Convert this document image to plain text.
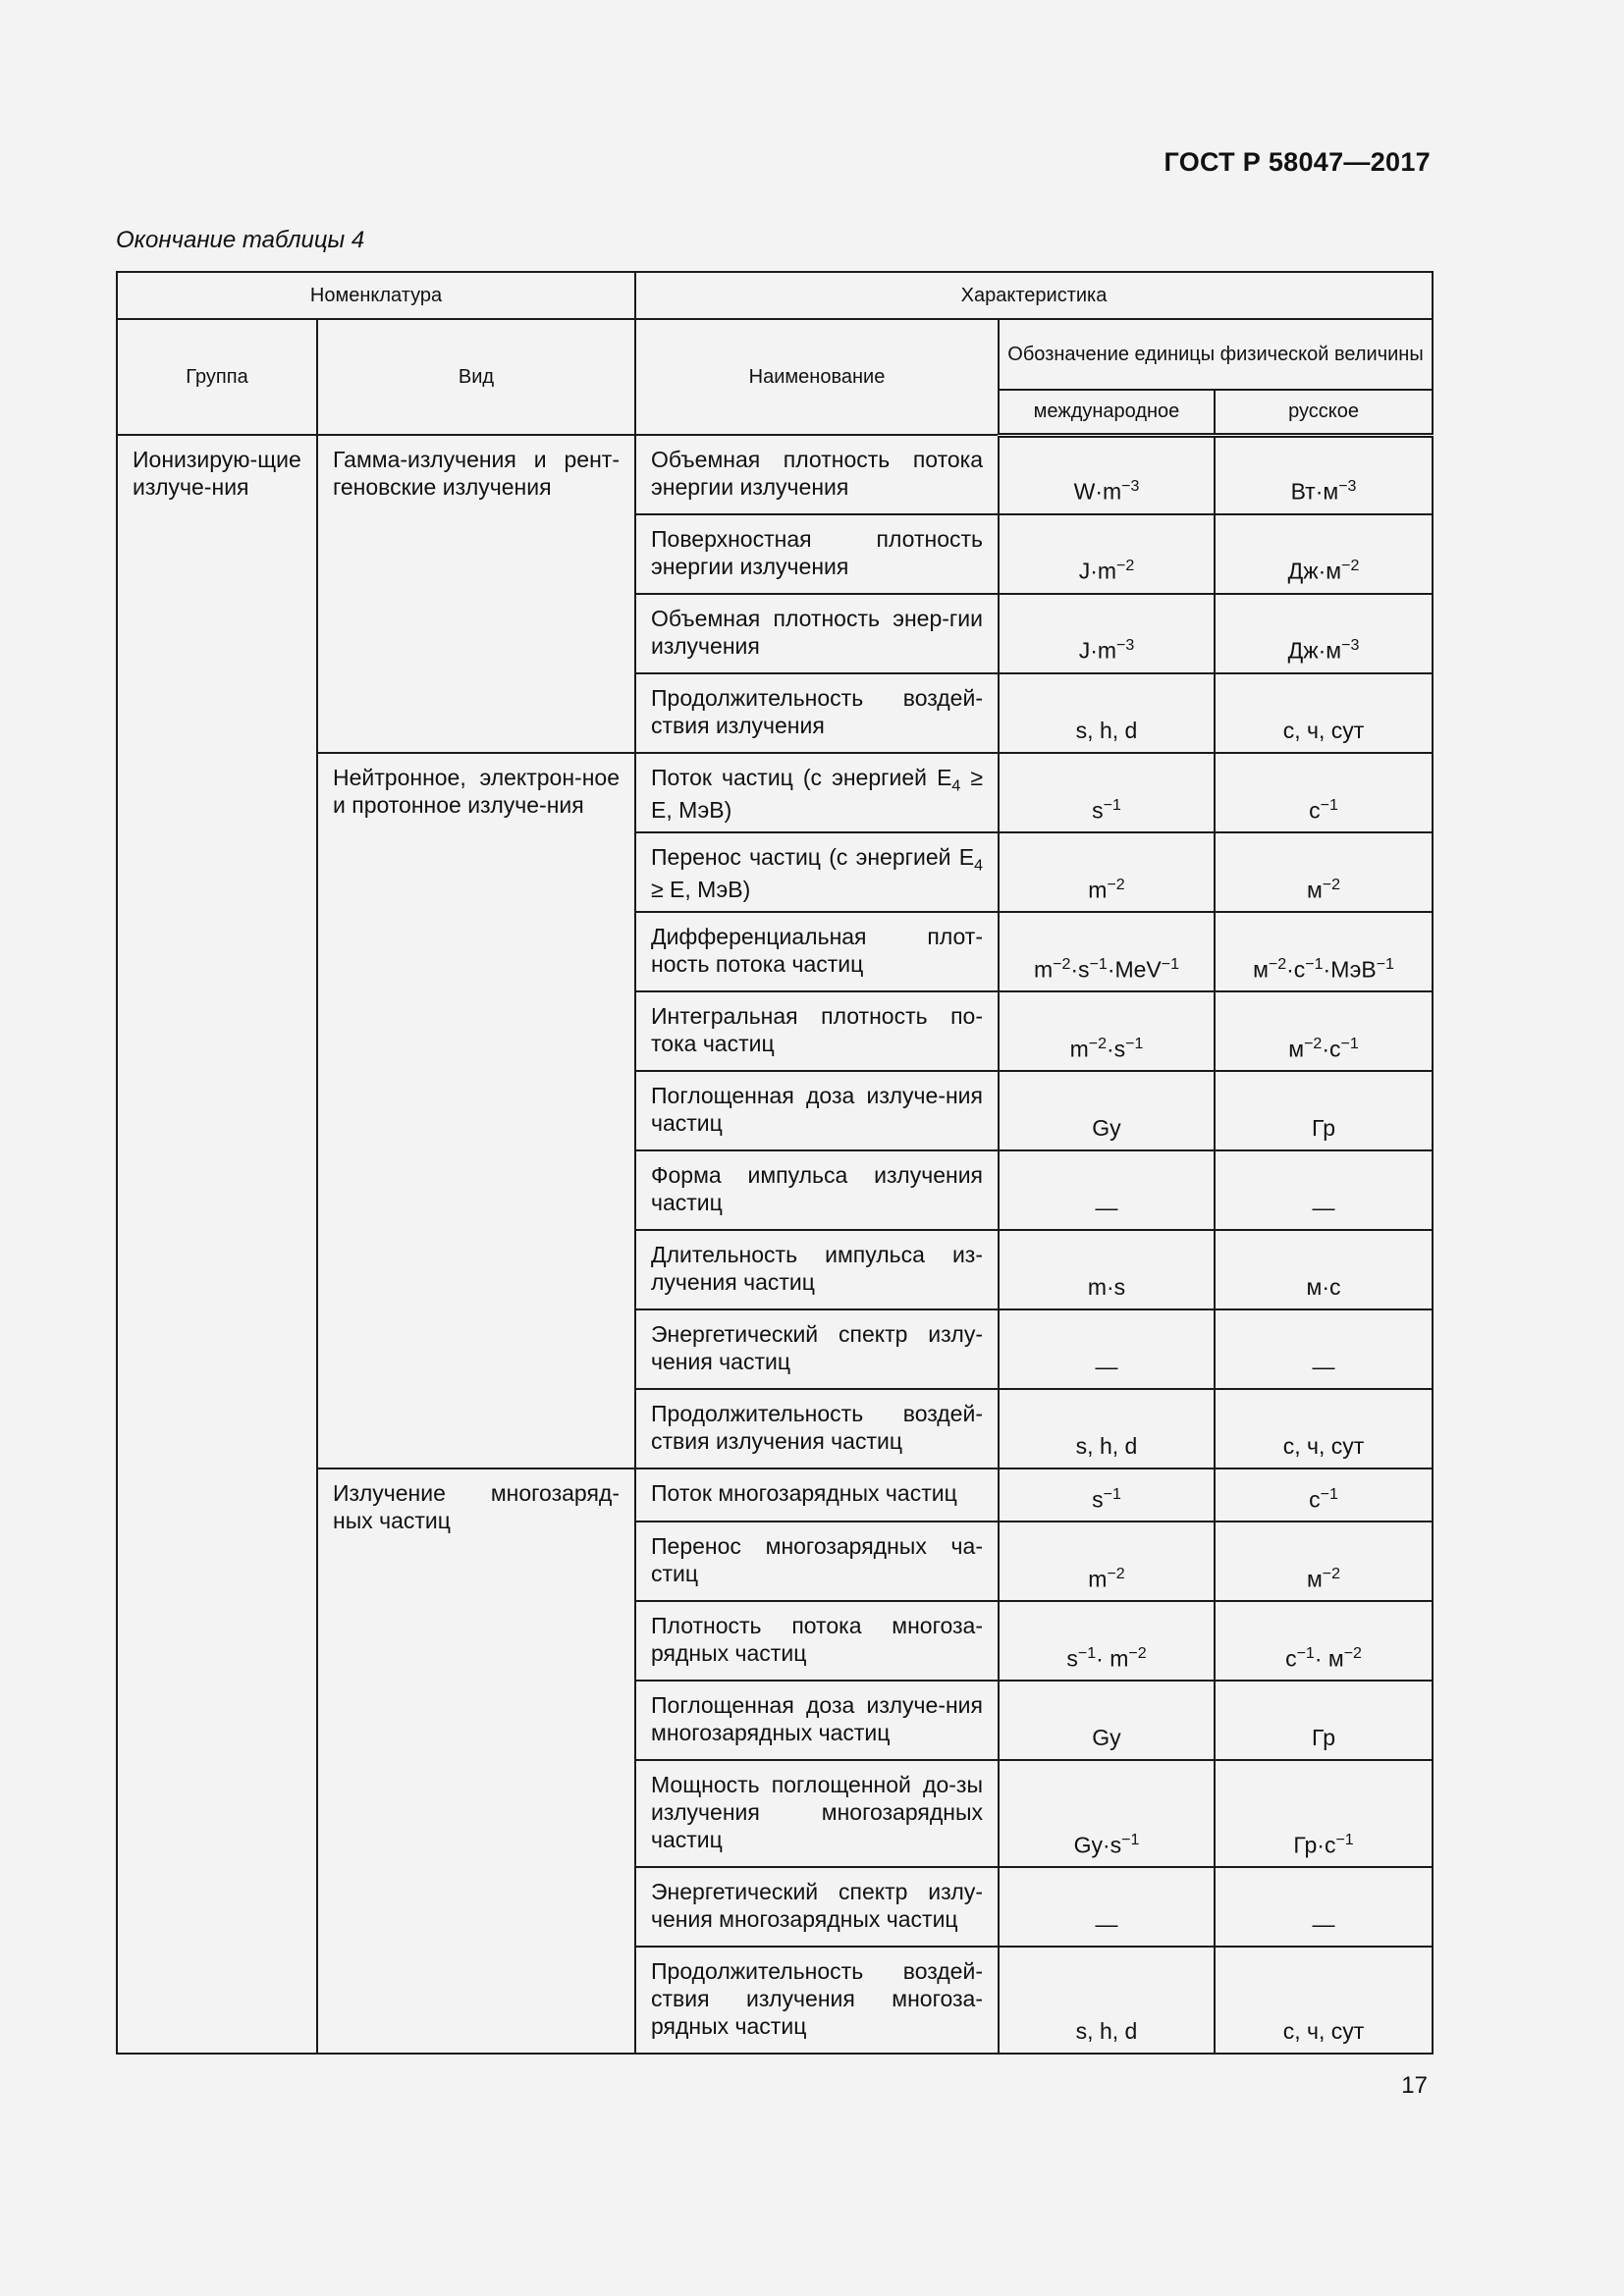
ГОСТ Р 58047—2017
Окончание таблицы 4
Номенклатура		Характеристика		
Группа	Вид	Наименование	Обозначение единицы физической величины	
			международное	русское
Ионизирую-щие излуче-ния	Гамма-излучения и рент-геновские излучения	Объемная плотность потока энергии излучения	$W\cdot m^{-3}$	$Вт\cdot м^{-3}$
		Поверхностная плотность энергии излучения	$J\cdot m^{-2}$	$Дж\cdot м^{-2}$
		Объемная плотность энер-гии излучения	$J\cdot m^{-3}$	$Дж\cdot м^{-3}$
		Продолжительность воздей-ствия излучения	s, h, d	с, ч, сут
	Нейтронное, электрон-ное и протонное излуче-ния	Поток частиц (с энергией $E_4 \ge E$, МэВ)	$s^{-1}$	$с^{-1}$
		Перенос частиц (с энергией $E_4 \ge E$, МэВ)	$m^{-2}$	$м^{-2}$
		Дифференциальная плот-ность потока частиц	$m^{-2}\cdot s^{-1}\cdot MeV^{-1}$	$м^{-2}\cdot с^{-1}\cdot МэВ^{-1}$
		Интегральная плотность по-тока частиц	$m^{-2}\cdot s^{-1}$	$м^{-2}\cdot с^{-1}$
		Поглощенная доза излуче-ния частиц	Gy	Гр
		Форма импульса излучения частиц	—	—
		Длительность импульса из-лучения частиц	m·s	м·с
		Энергетический спектр излу-чения частиц	—	—
		Продолжительность воздей-ствия излучения частиц	s, h, d	с, ч, сут
	Излучение многозаряд-ных частиц	Поток многозарядных частиц	$s^{-1}$	$с^{-1}$
		Перенос многозарядных ча-стиц	$m^{-2}$	$м^{-2}$
		Плотность потока многоза-рядных частиц	$s^{-1}\cdot m^{-2}$	$с^{-1}\cdot м^{-2}$
		Поглощенная доза излуче-ния многозарядных частиц	Gy	Гр
		Мощность поглощенной до-зы излучения многозарядных частиц	$Gy\cdot s^{-1}$	$Гр\cdot с^{-1}$
		Энергетический спектр излу-чения многозарядных частиц	—	—
		Продолжительность воздей-ствия излучения многоза-рядных частиц	s, h, d	с, ч, сут
17
